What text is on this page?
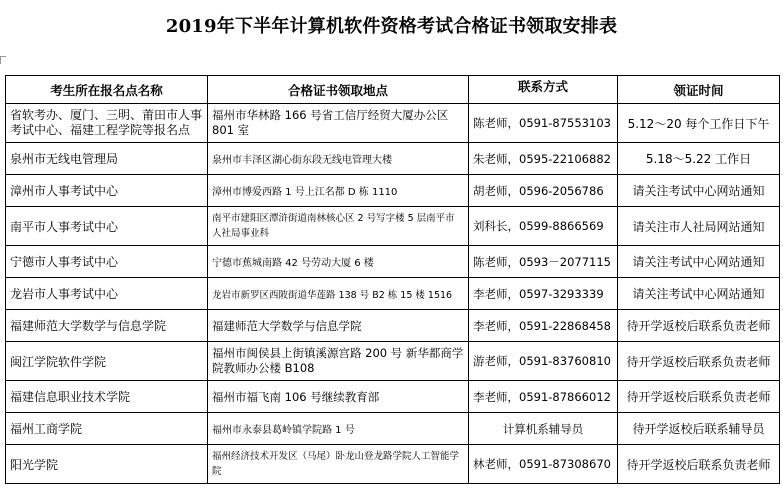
2019年下半年计算机软件资格考试合格证书领取安排表
考生所在报名点名称	合格证书领取地点	联系方式	领证时间
省软考办、厦门、三明、莆田市人事考试中心、福建工程学院等报名点	福州市华林路 166 号省工信厅经贸大厦办公区 801 室	陈老师，0591-87553103	5.12～20 每个工作日下午
泉州市无线电管理局	泉州市丰泽区湖心街东段无线电管理大楼	朱老师，0595-22106882	5.18～5.22 工作日
漳州市人事考试中心	漳州市博爱西路 1 号上江名都 D 栋 1110	胡老师，0596-2056786	请关注考试中心网站通知
南平市人事考试中心	南平市建阳区潭浒街道南林核心区 2 号写字楼 5 层南平市人社局事业科	刘科长，0599-8866569	请关注市人社局网站通知
宁德市人事考试中心	宁德市蕉城南路 42 号劳动大厦 6 楼	陈老师，0593－2077115	请关注考试中心网站通知
龙岩市人事考试中心	龙岩市新罗区西陂街道华莲路 138 号 B2 栋 15 楼 1516	李老师，0597-3293339	请关注考试中心网站通知
福建师范大学数学与信息学院	福建师范大学数学与信息学院	李老师，0591-22868458	待开学返校后联系负责老师
闽江学院软件学院	福州市闽侯县上街镇溪源宫路 200 号 新华都商学院教师办公楼 B108	游老师，0591-83760810	待开学返校后联系负责老师
福建信息职业技术学院	福州市福飞南 106 号继续教育部	李老师，0591-87866012	待开学返校后联系负责老师
福州工商学院	福州市永泰县葛岭镇学院路 1 号	计算机系辅导员	待开学返校后联系辅导员
阳光学院	福州经济技术开发区（马尾）卧龙山登龙路学院人工智能学院	林老师，0591-87308670	待开学返校后联系负责老师
